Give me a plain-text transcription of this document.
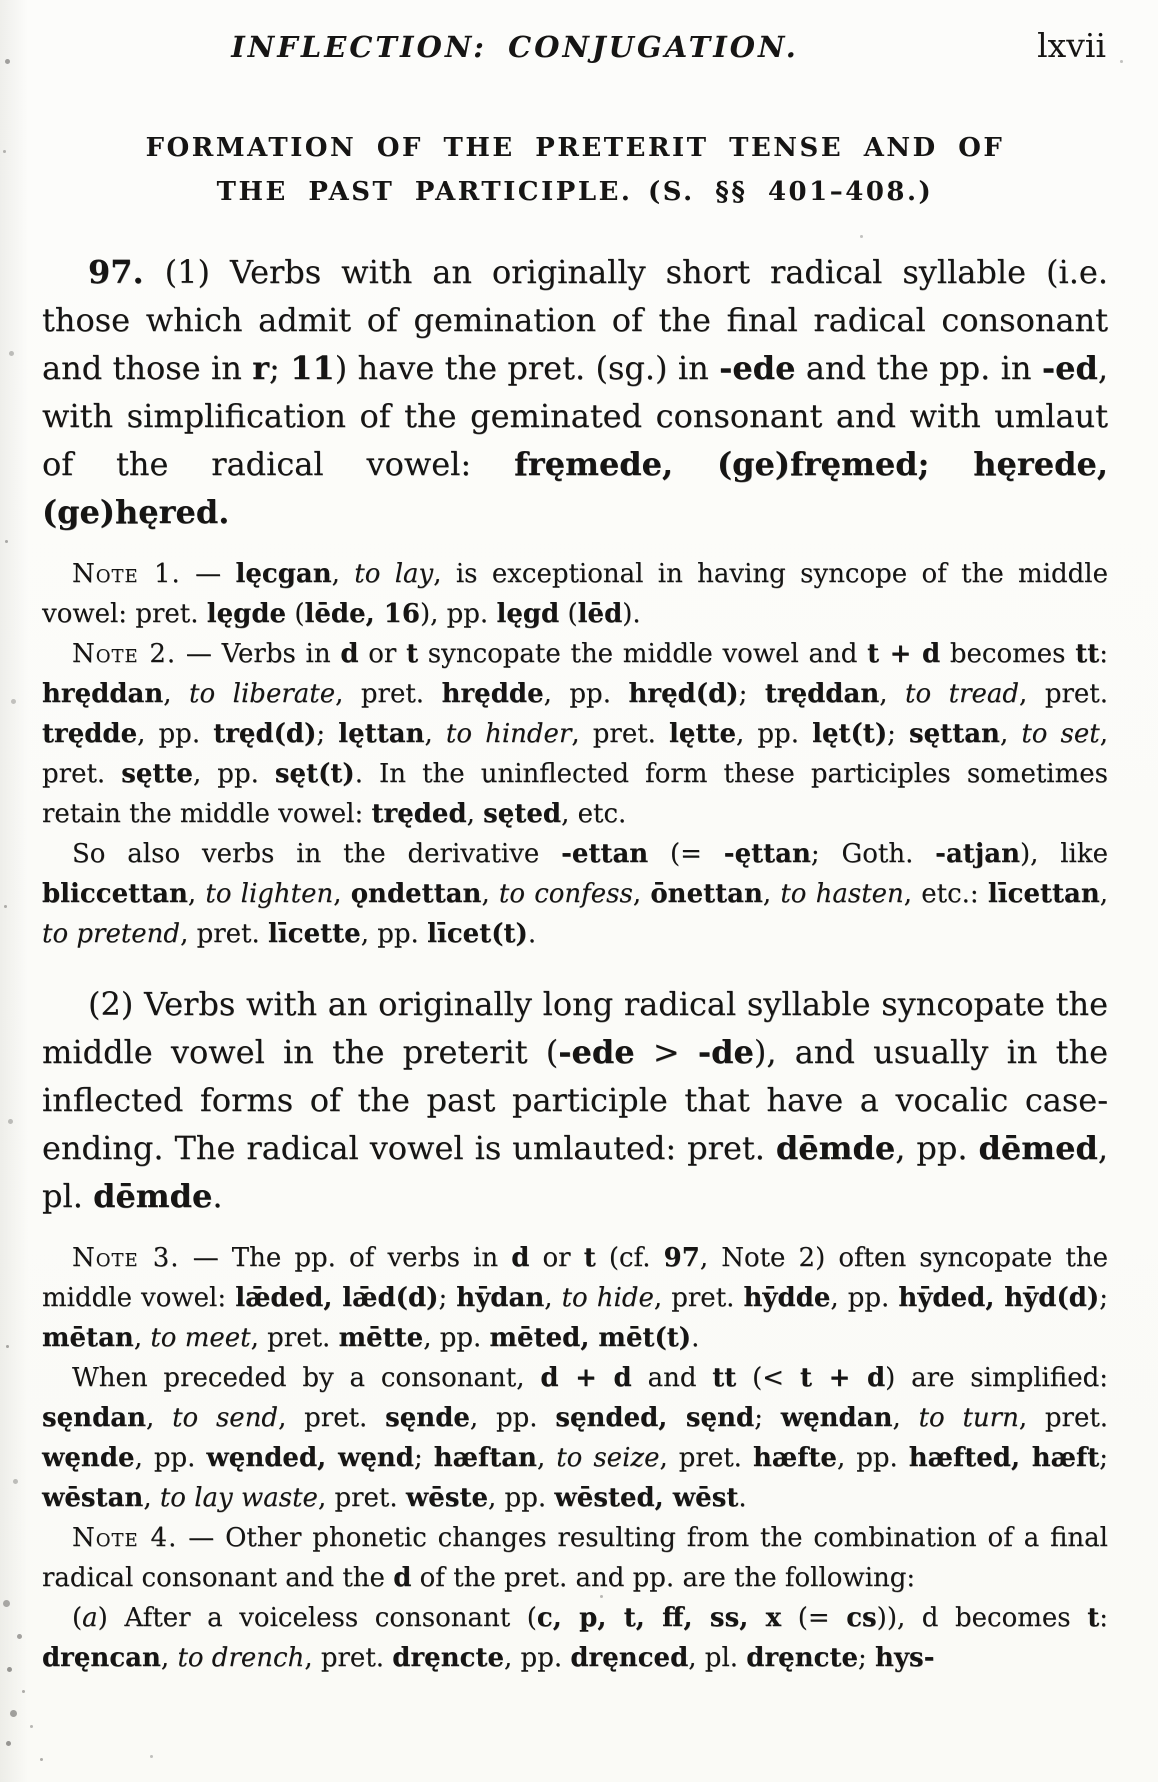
INFLECTION: CONJUGATION.	lxvii
FORMATION OF THE PRETERIT TENSE AND OF THE PAST PARTICIPLE. (S. §§ 401–408.)

97. (1) Verbs with an originally short radical syllable (i.e. those which admit of gemination of the final radical consonant and those in r; 11) have the pret. (sg.) in -ede and the pp. in -ed, with simplification of the geminated consonant and with umlaut of the radical vowel: fręmede, (ge)fręmed; hęrede, (ge)hęred.

Note 1. — lęcgan, to lay, is exceptional in having syncope of the middle vowel: pret. lęgde (lēde, 16), pp. lęgd (lēd).

Note 2. — Verbs in d or t syncopate the middle vowel and t + d becomes tt: hręddan, to liberate, pret. hrędde, pp. hręd(d); tręddan, to tread, pret. trędde, pp. tręd(d); lęttan, to hinder, pret. lętte, pp. lęt(t); sęttan, to set, pret. sętte, pp. sęt(t). In the uninflected form these participles sometimes retain the middle vowel: tręded, sęted, etc.

So also verbs in the derivative -ettan (= -ęttan; Goth. -atjan), like bliccettan, to lighten, ǫndettan, to confess, ōnettan, to hasten, etc.: līcettan, to pretend, pret. līcette, pp. līcet(t).

(2) Verbs with an originally long radical syllable syncopate the middle vowel in the preterit (-ede > -de), and usually in the inflected forms of the past participle that have a vocalic case-ending. The radical vowel is umlauted: pret. dēmde, pp. dēmed, pl. dēmde.

Note 3. — The pp. of verbs in d or t (cf. 97, Note 2) often syncopate the middle vowel: lǣded, lǣd(d); hȳdan, to hide, pret. hȳdde, pp. hȳded, hȳd(d); mētan, to meet, pret. mētte, pp. mēted, mēt(t).

When preceded by a consonant, d + d and tt (< t + d) are simplified: sęndan, to send, pret. sęnde, pp. sęnded, sęnd; węndan, to turn, pret. węnde, pp. węnded, węnd; hæftan, to seize, pret. hæfte, pp. hæfted, hæft; wēstan, to lay waste, pret. wēste, pp. wēsted, wēst.

Note 4. — Other phonetic changes resulting from the combination of a final radical consonant and the d of the pret. and pp. are the following:

(a) After a voiceless consonant (c, p, t, ff, ss, x (= cs)), d becomes t: dręncan, to drench, pret. dręncte, pp. dręnced, pl. dręncte; hys-
